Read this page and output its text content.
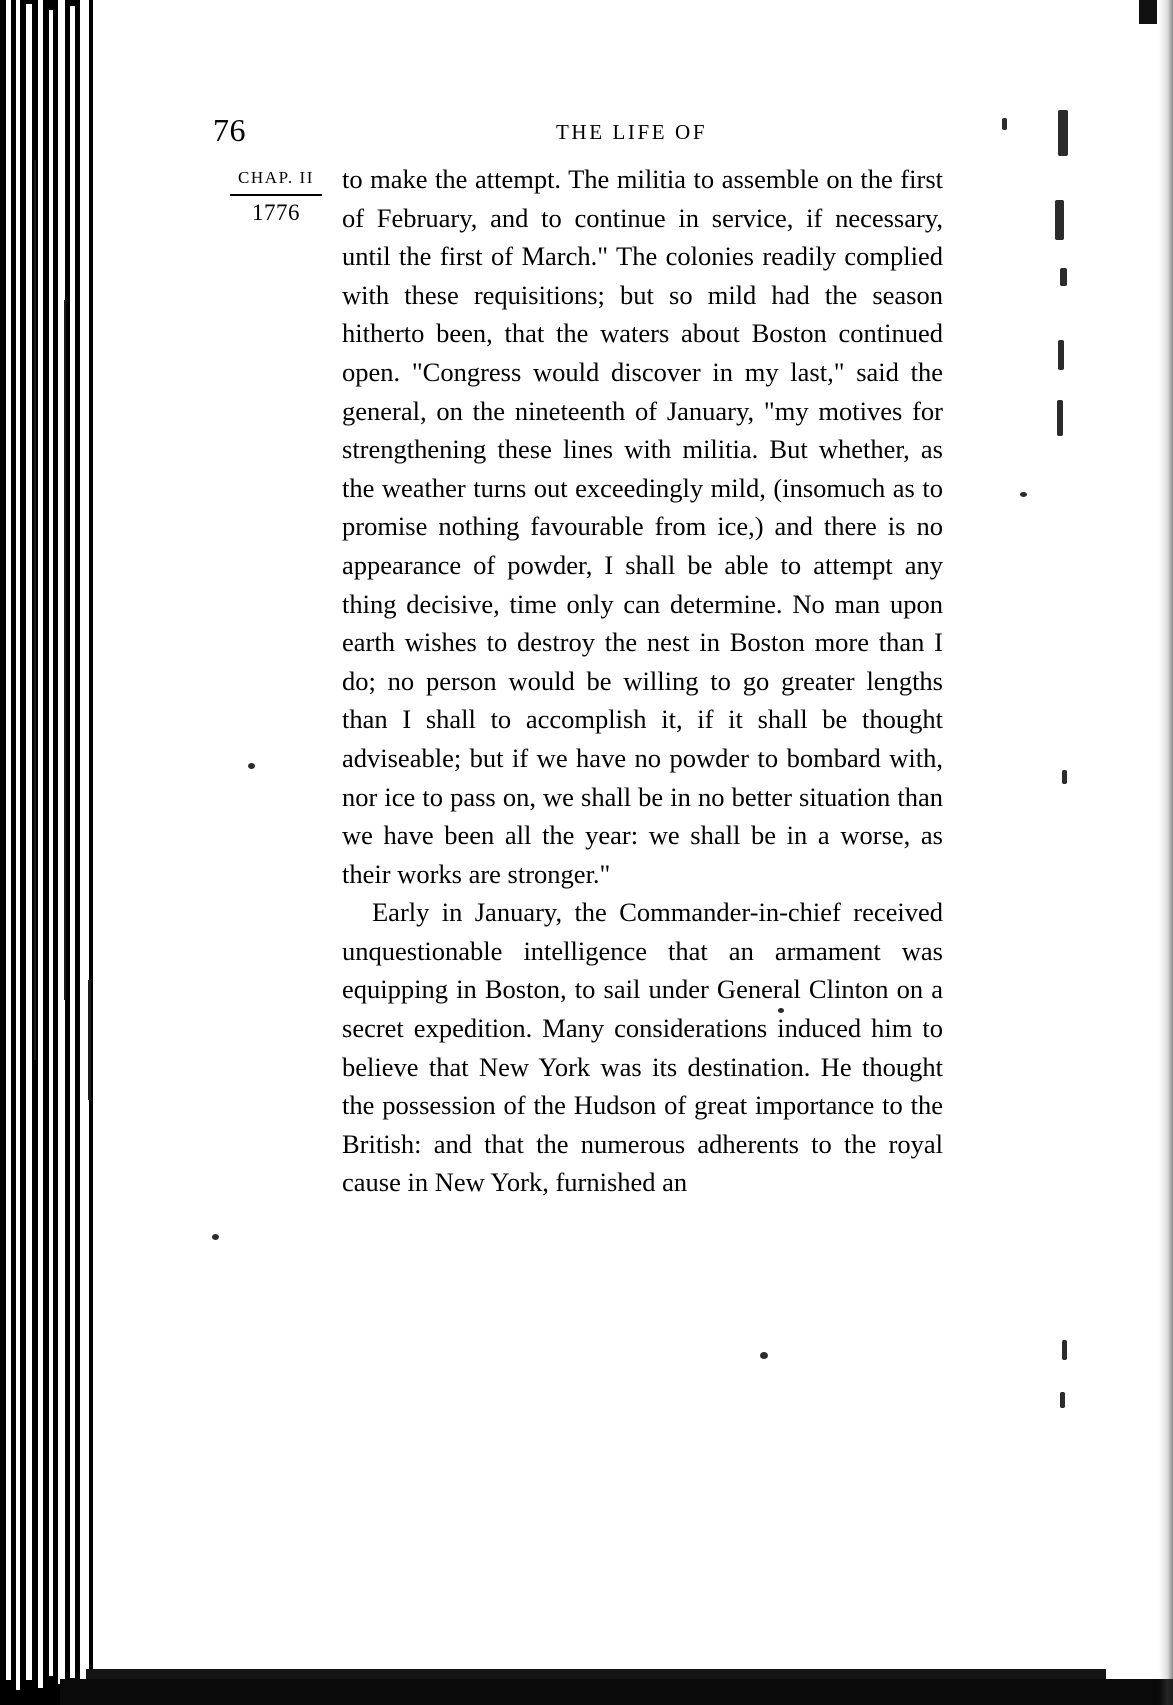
76	THE LIFE OF
CHAP. II
1776

to make the attempt. The militia to assemble on the first of February, and to continue in service, if necessary, until the first of March." The colonies readily complied with these requisitions; but so mild had the season hitherto been, that the waters about Boston continued open. "Congress would discover in my last," said the general, on the nineteenth of January, "my motives for strengthening these lines with militia. But whether, as the weather turns out exceedingly mild, (insomuch as to promise nothing favourable from ice,) and there is no appearance of powder, I shall be able to attempt any thing decisive, time only can determine. No man upon earth wishes to destroy the nest in Boston more than I do; no person would be willing to go greater lengths than I shall to accomplish it, if it shall be thought adviseable; but if we have no powder to bombard with, nor ice to pass on, we shall be in no better situation than we have been all the year: we shall be in a worse, as their works are stronger."

Early in January, the Commander-in-chief received unquestionable intelligence that an armament was equipping in Boston, to sail under General Clinton on a secret expedition. Many considerations induced him to believe that New York was its destination. He thought the possession of the Hudson of great importance to the British: and that the numerous adherents to the royal cause in New York, furnished an
